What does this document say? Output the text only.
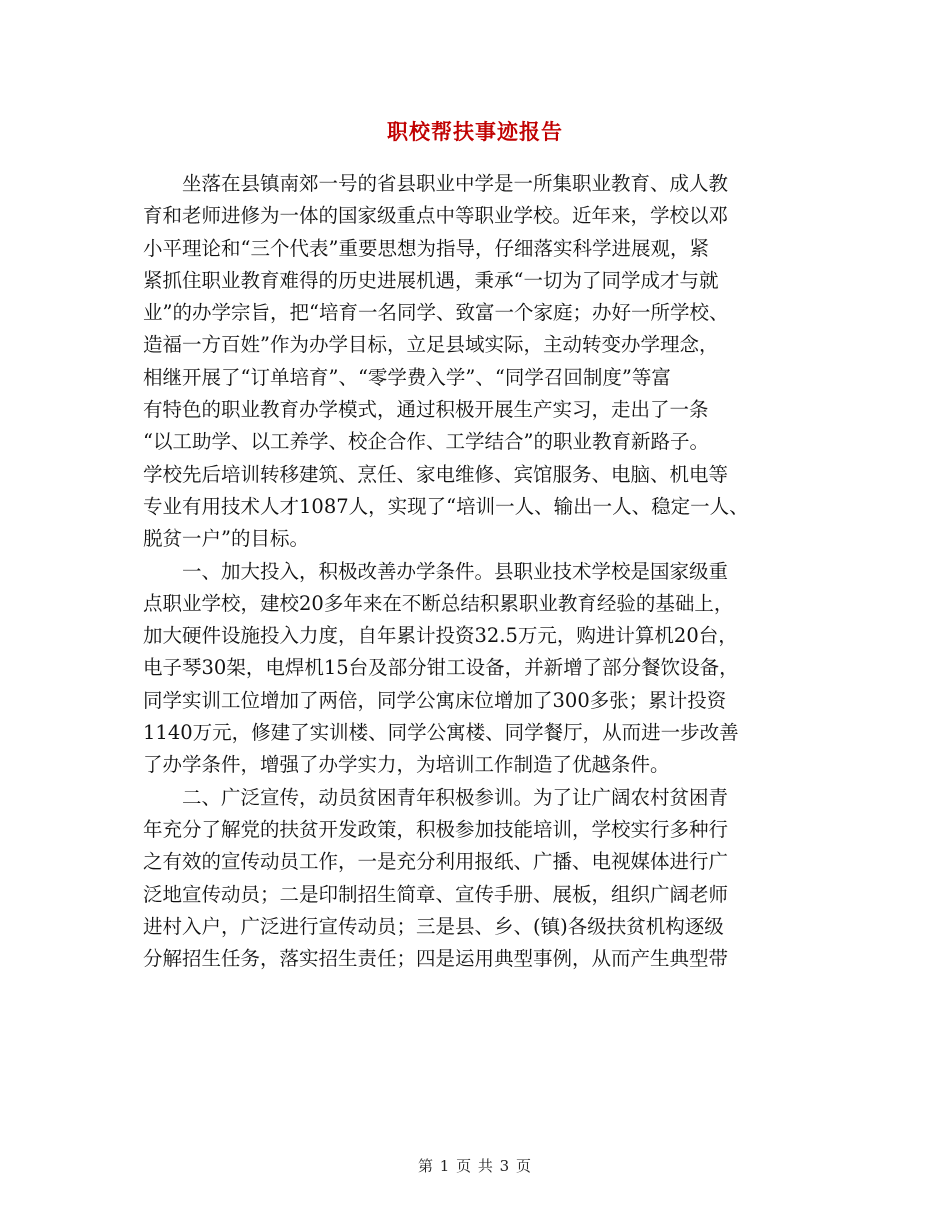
职校帮扶事迹报告

坐落在县镇南郊一号的省县职业中学是一所集职业教育、成人教
育和老师进修为一体的国家级重点中等职业学校。近年来，学校以邓
小平理论和“三个代表”重要思想为指导，仔细落实科学进展观，紧
紧抓住职业教育难得的历史进展机遇，秉承“一切为了同学成才与就
业”的办学宗旨，把“培育一名同学、致富一个家庭；办好一所学校、
造福一方百姓”作为办学目标，立足县域实际，主动转变办学理念，
相继开展了“订单培育”、“零学费入学”、“同学召回制度”等富
有特色的职业教育办学模式，通过积极开展生产实习，走出了一条
“以工助学、以工养学、校企合作、工学结合”的职业教育新路子。
学校先后培训转移建筑、烹任、家电维修、宾馆服务、电脑、机电等
专业有用技术人才1087人，实现了“培训一人、输出一人、稳定一人、
脱贫一户”的目标。

一、加大投入，积极改善办学条件。县职业技术学校是国家级重
点职业学校，建校20多年来在不断总结积累职业教育经验的基础上，
加大硬件设施投入力度，自年累计投资32.5万元，购进计算机20台，
电子琴30架，电焊机15台及部分钳工设备，并新增了部分餐饮设备，
同学实训工位增加了两倍，同学公寓床位增加了300多张；累计投资
1140万元，修建了实训楼、同学公寓楼、同学餐厅，从而进一步改善
了办学条件，增强了办学实力，为培训工作制造了优越条件。

二、广泛宣传，动员贫困青年积极参训。为了让广阔农村贫困青
年充分了解党的扶贫开发政策，积极参加技能培训，学校实行多种行
之有效的宣传动员工作，一是充分利用报纸、广播、电视媒体进行广
泛地宣传动员；二是印制招生简章、宣传手册、展板，组织广阔老师
进村入户，广泛进行宣传动员；三是县、乡、(镇)各级扶贫机构逐级
分解招生任务，落实招生责任；四是运用典型事例，从而产生典型带

第 1 页 共 3 页
